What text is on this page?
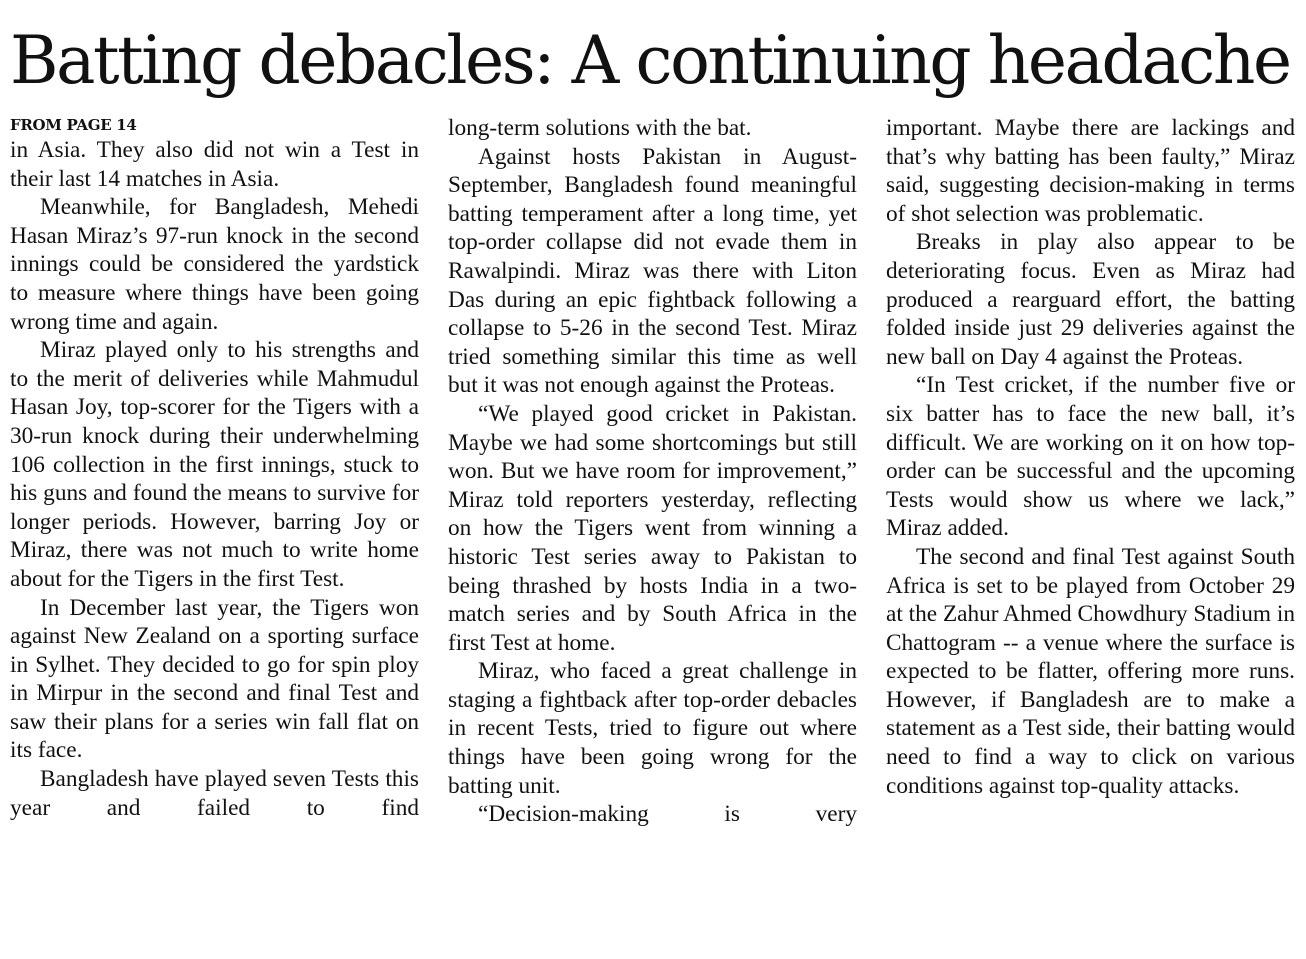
Batting debacles: A continuing headache
FROM PAGE 14

in Asia. They also did not win a Test in their last 14 matches in Asia.

Meanwhile, for Bangladesh, Mehedi Hasan Miraz’s 97-run knock in the second innings could be considered the yardstick to measure where things have been going wrong time and again.

Miraz played only to his strengths and to the merit of deliveries while Mahmudul Hasan Joy, top-scorer for the Tigers with a 30-run knock during their underwhelming 106 collection in the first innings, stuck to his guns and found the means to survive for longer periods. However, barring Joy or Miraz, there was not much to write home about for the Tigers in the first Test.

In December last year, the Tigers won against New Zealand on a sporting surface in Sylhet. They decided to go for spin ploy in Mirpur in the second and final Test and saw their plans for a series win fall flat on its face.

Bangladesh have played seven Tests this year and failed to find

long-term solutions with the bat.

Against hosts Pakistan in August-September, Bangladesh found meaningful batting temperament after a long time, yet top-order collapse did not evade them in Rawalpindi. Miraz was there with Liton Das during an epic fightback following a collapse to 5-26 in the second Test. Miraz tried something similar this time as well but it was not enough against the Proteas.

“We played good cricket in Pakistan. Maybe we had some shortcomings but still won. But we have room for improvement,” Miraz told reporters yesterday, reflecting on how the Tigers went from winning a historic Test series away to Pakistan to being thrashed by hosts India in a two-match series and by South Africa in the first Test at home.

Miraz, who faced a great challenge in staging a fightback after top-order debacles in recent Tests, tried to figure out where things have been going wrong for the batting unit.

“Decision-making is very

important. Maybe there are lackings and that’s why batting has been faulty,” Miraz said, suggesting decision-making in terms of shot selection was problematic.

Breaks in play also appear to be deteriorating focus. Even as Miraz had produced a rearguard effort, the batting folded inside just 29 deliveries against the new ball on Day 4 against the Proteas.

“In Test cricket, if the number five or six batter has to face the new ball, it’s difficult. We are working on it on how top-order can be successful and the upcoming Tests would show us where we lack,” Miraz added.

The second and final Test against South Africa is set to be played from October 29 at the Zahur Ahmed Chowdhury Stadium in Chattogram -- a venue where the surface is expected to be flatter, offering more runs. However, if Bangladesh are to make a statement as a Test side, their batting would need to find a way to click on various conditions against top-quality attacks.
